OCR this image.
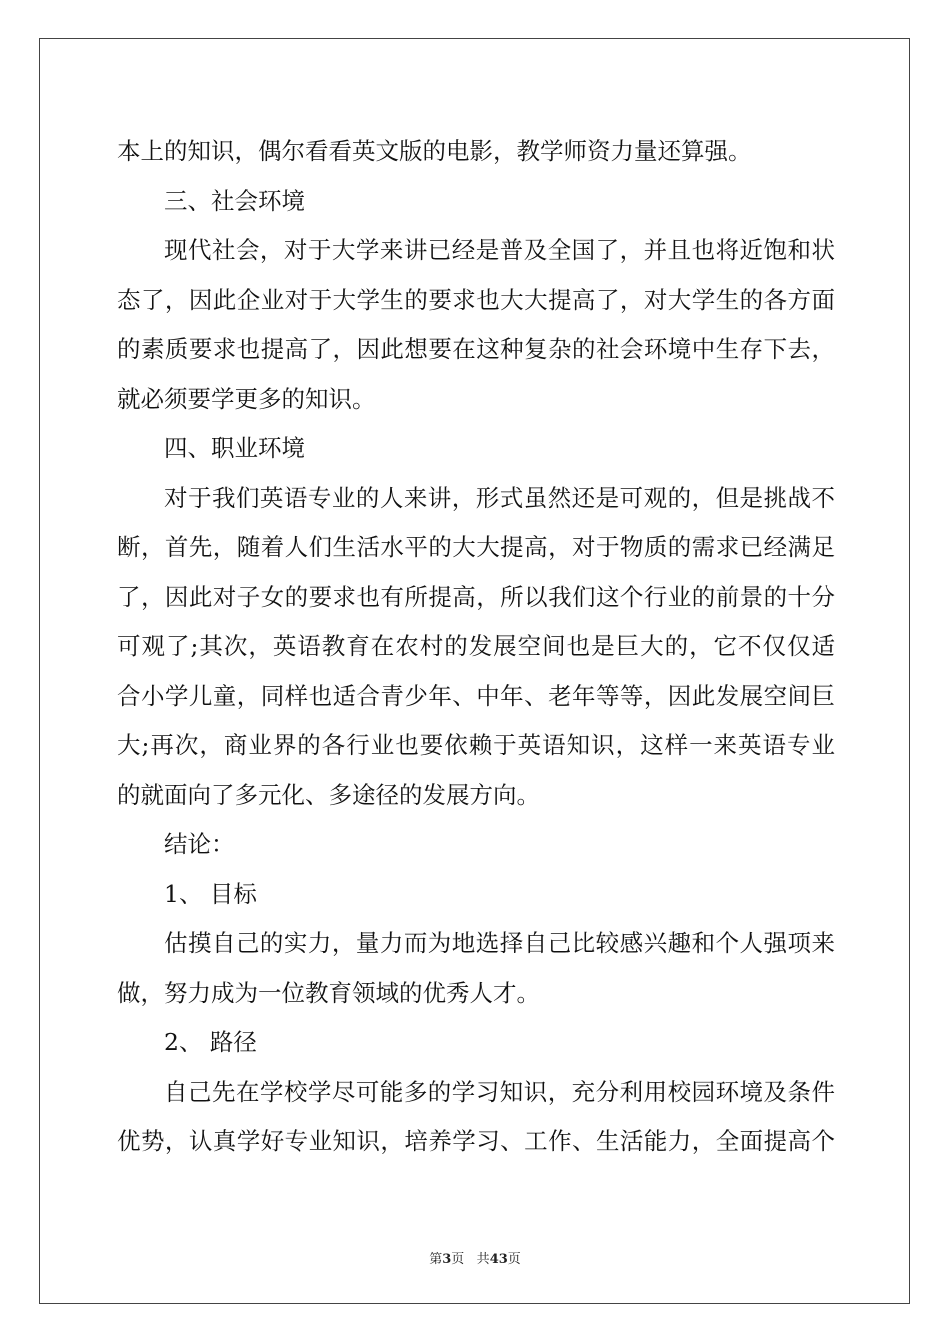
本上的知识，偶尔看看英文版的电影，教学师资力量还算强。
三、社会环境
现代社会，对于大学来讲已经是普及全国了，并且也将近饱和状
态了，因此企业对于大学生的要求也大大提高了，对大学生的各方面
的素质要求也提高了，因此想要在这种复杂的社会环境中生存下去，
就必须要学更多的知识。
四、职业环境
对于我们英语专业的人来讲，形式虽然还是可观的，但是挑战不
断，首先，随着人们生活水平的大大提高，对于物质的需求已经满足
了，因此对子女的要求也有所提高，所以我们这个行业的前景的十分
可观了;其次，英语教育在农村的发展空间也是巨大的，它不仅仅适
合小学儿童，同样也适合青少年、中年、老年等等，因此发展空间巨
大;再次，商业界的各行业也要依赖于英语知识，这样一来英语专业
的就面向了多元化、多途径的发展方向。
结论：
1、 目标
估摸自己的实力，量力而为地选择自己比较感兴趣和个人强项来
做，努力成为一位教育领域的优秀人才。
2、 路径
自己先在学校学尽可能多的学习知识，充分利用校园环境及条件
优势，认真学好专业知识，培养学习、工作、生活能力，全面提高个
第3页 共43页
